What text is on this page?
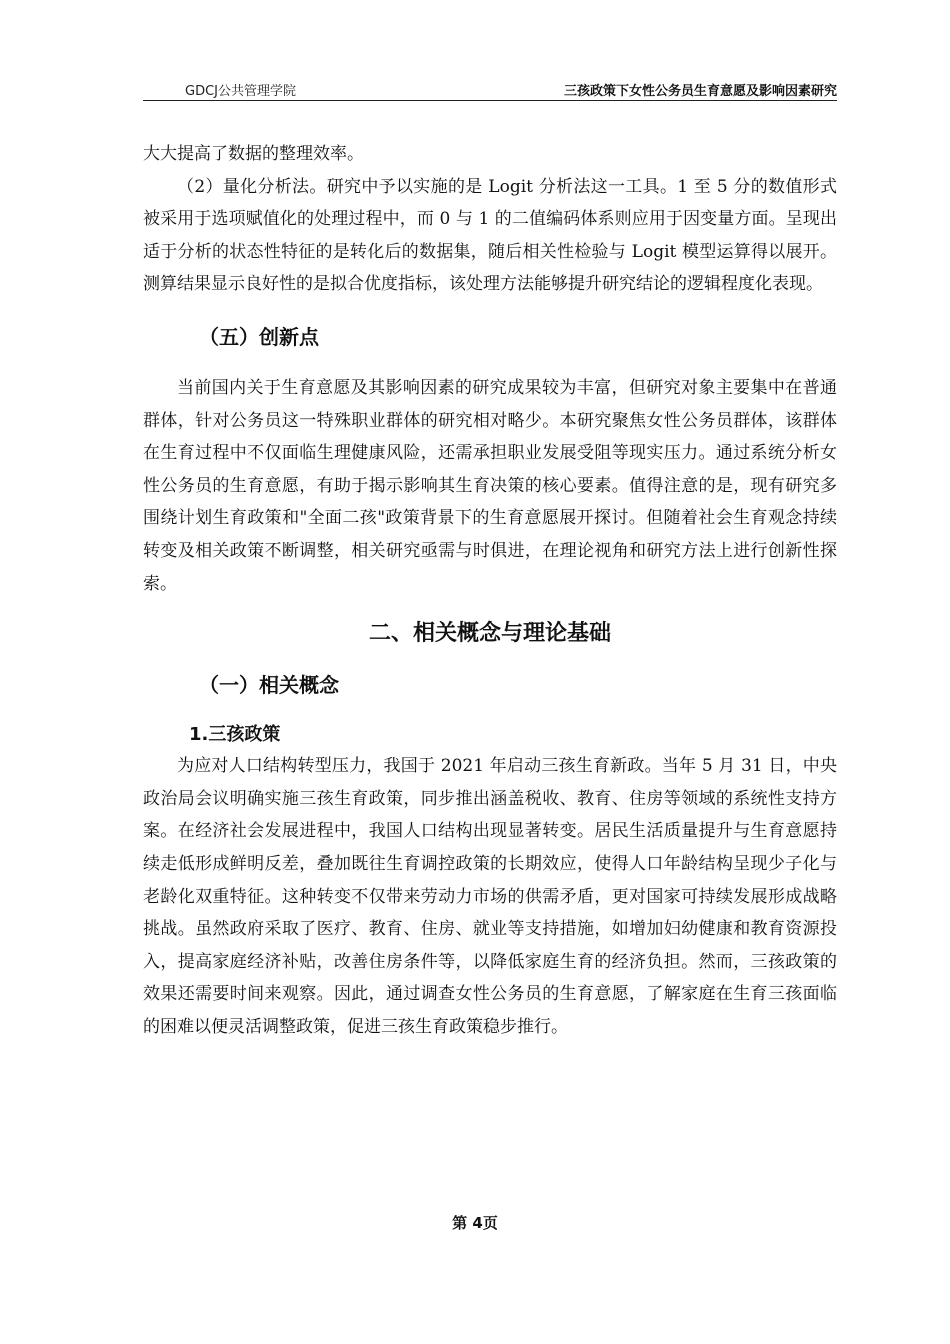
GDCJ公共管理学院	三孩政策下女性公务员生育意愿及影响因素研究

大大提高了数据的整理效率。

（2）量化分析法。研究中予以实施的是 Logit 分析法这一工具。1 至 5 分的数值形式被采用于选项赋值化的处理过程中，而 0 与 1 的二值编码体系则应用于因变量方面。呈现出适于分析的状态性特征的是转化后的数据集，随后相关性检验与 Logit 模型运算得以展开。测算结果显示良好性的是拟合优度指标，该处理方法能够提升研究结论的逻辑程度化表现。

（五）创新点

当前国内关于生育意愿及其影响因素的研究成果较为丰富，但研究对象主要集中在普通群体，针对公务员这一特殊职业群体的研究相对略少。本研究聚焦女性公务员群体，该群体在生育过程中不仅面临生理健康风险，还需承担职业发展受阻等现实压力。通过系统分析女性公务员的生育意愿，有助于揭示影响其生育决策的核心要素。值得注意的是，现有研究多围绕计划生育政策和"全面二孩"政策背景下的生育意愿展开探讨。但随着社会生育观念持续转变及相关政策不断调整，相关研究亟需与时俱进，在理论视角和研究方法上进行创新性探索。

二、相关概念与理论基础
（一）相关概念
1.三孩政策

为应对人口结构转型压力，我国于 2021 年启动三孩生育新政。当年 5 月 31 日，中央政治局会议明确实施三孩生育政策，同步推出涵盖税收、教育、住房等领域的系统性支持方案。在经济社会发展进程中，我国人口结构出现显著转变。居民生活质量提升与生育意愿持续走低形成鲜明反差，叠加既往生育调控政策的长期效应，使得人口年龄结构呈现少子化与老龄化双重特征。这种转变不仅带来劳动力市场的供需矛盾，更对国家可持续发展形成战略挑战。虽然政府采取了医疗、教育、住房、就业等支持措施，如增加妇幼健康和教育资源投入，提高家庭经济补贴，改善住房条件等，以降低家庭生育的经济负担。然而，三孩政策的效果还需要时间来观察。因此，通过调查女性公务员的生育意愿，了解家庭在生育三孩面临的困难以便灵活调整政策，促进三孩生育政策稳步推行。

第 4页
